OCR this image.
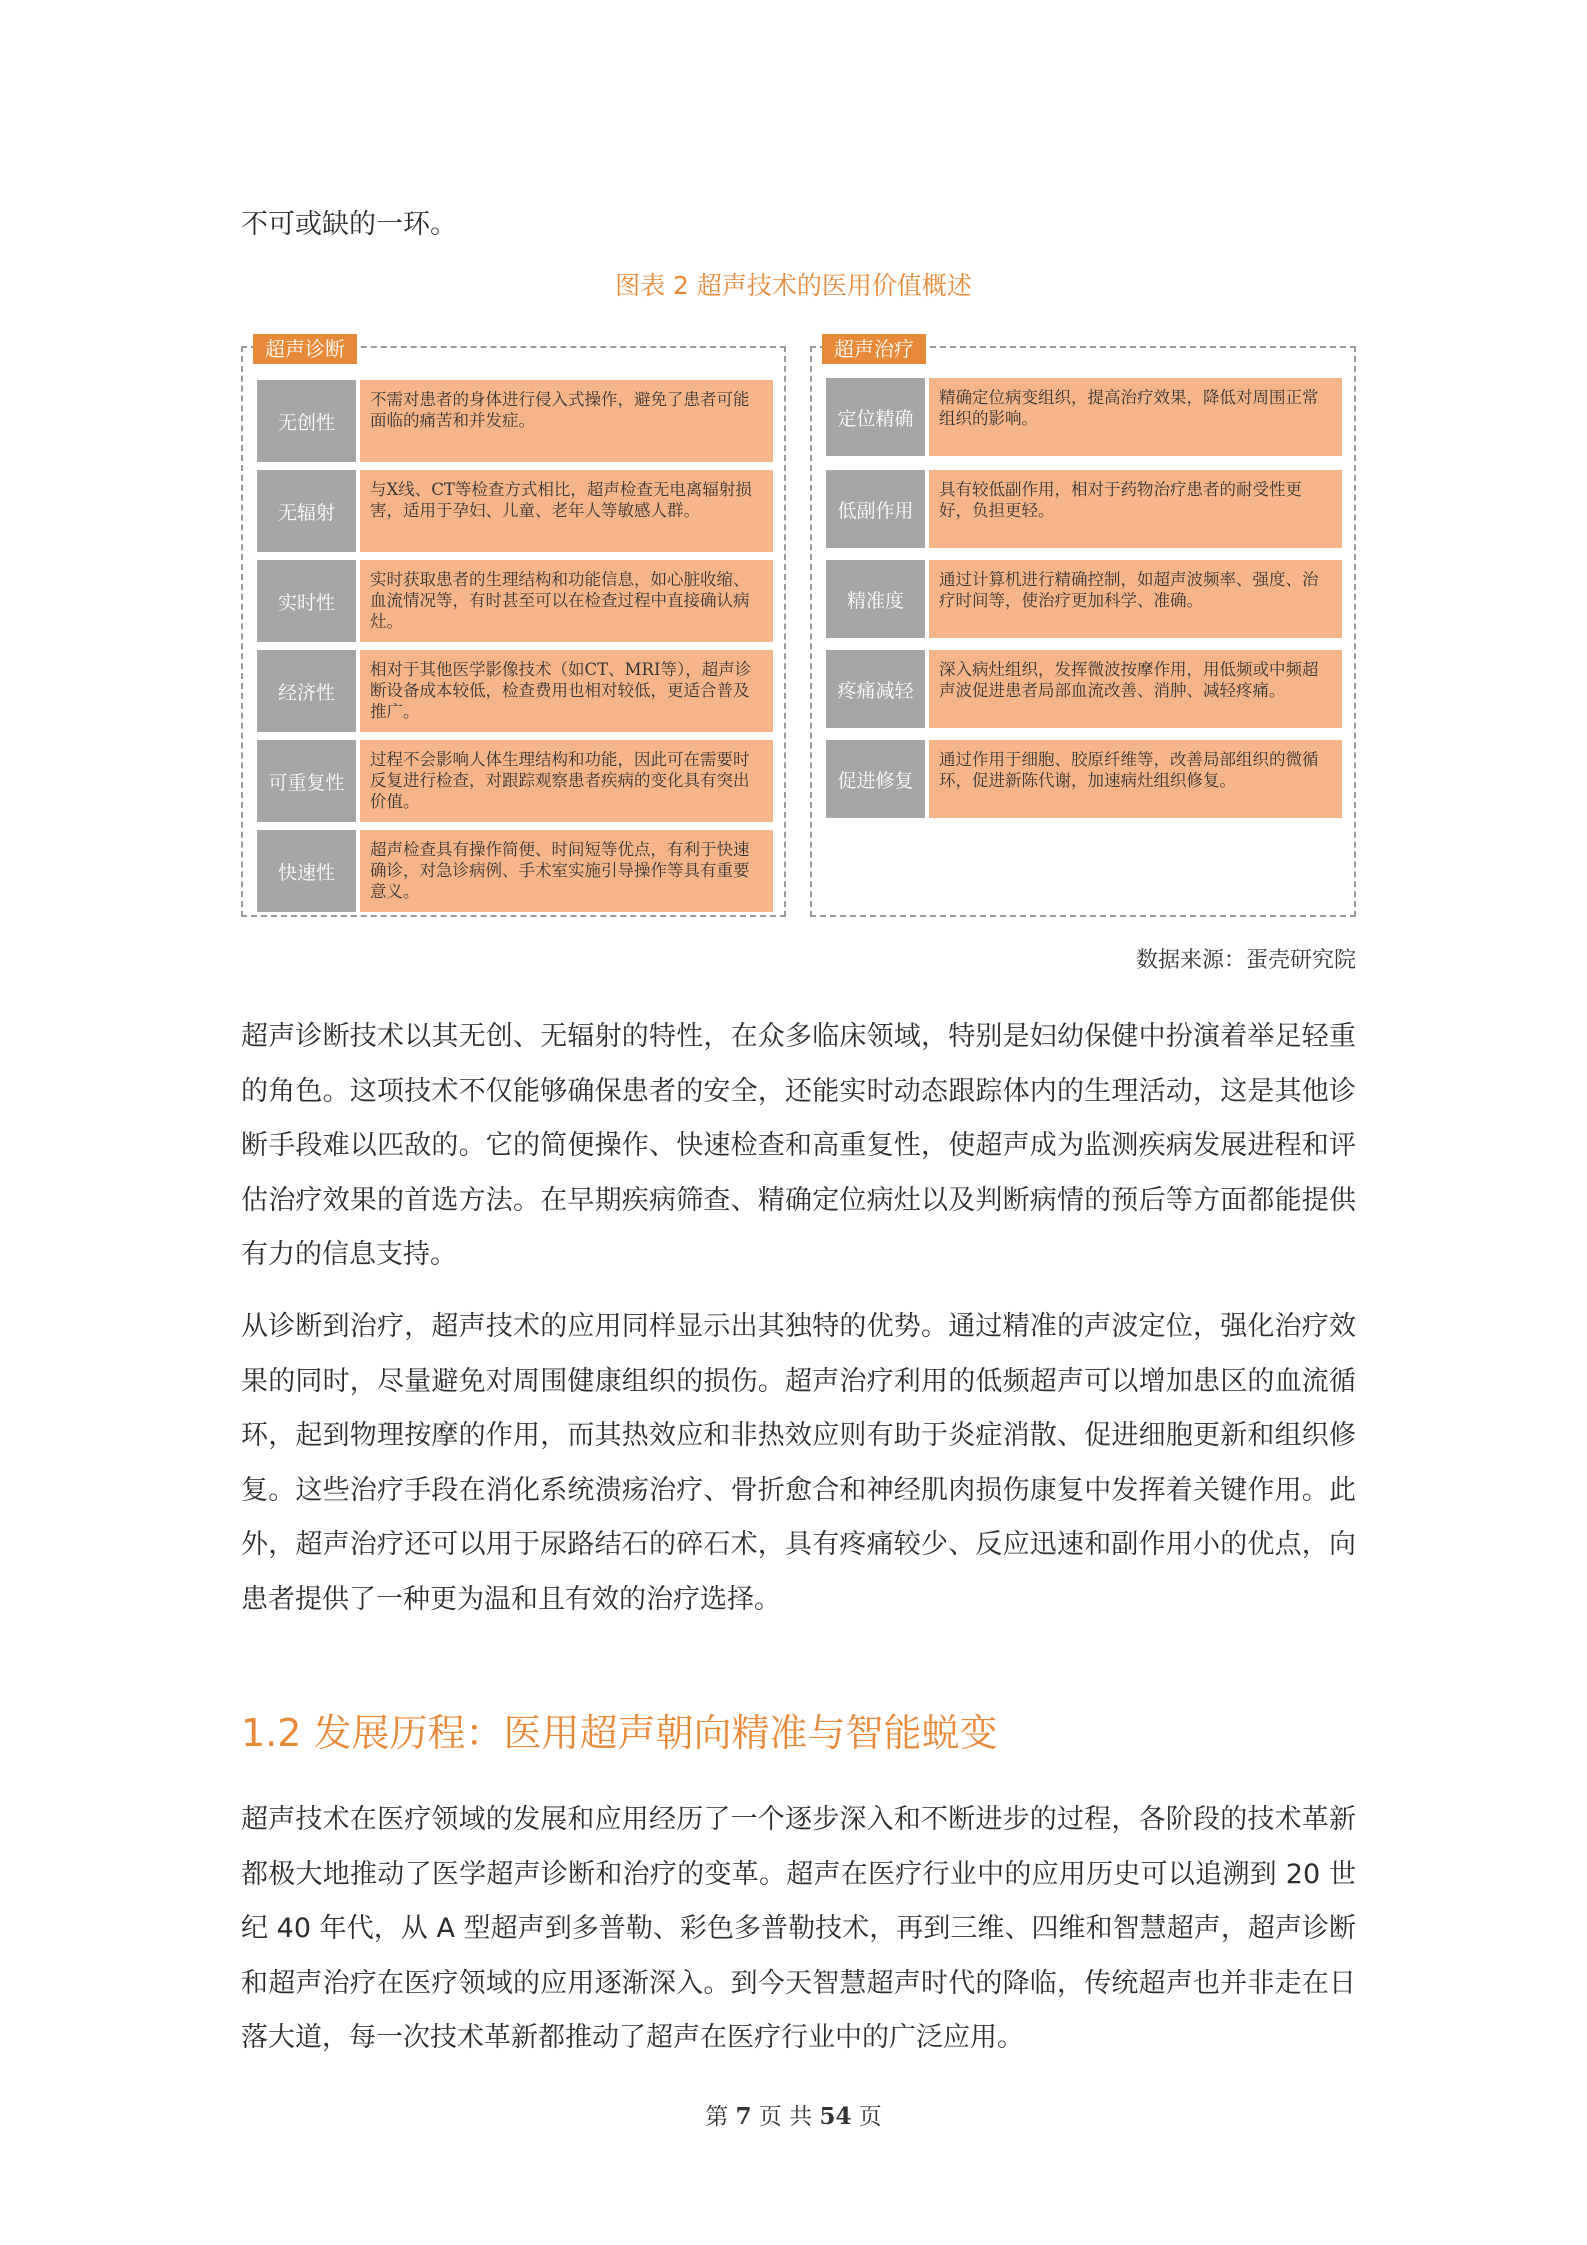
不可或缺的一环。

图表 2 超声技术的医用价值概述

超声诊断
无创性
不需对患者的身体进行侵入式操作，避免了患者可能面临的痛苦和并发症。
无辐射
与X线、CT等检查方式相比，超声检查无电离辐射损害，适用于孕妇、儿童、老年人等敏感人群。
实时性
实时获取患者的生理结构和功能信息，如心脏收缩、血流情况等，有时甚至可以在检查过程中直接确认病灶。
经济性
相对于其他医学影像技术（如CT、MRI等），超声诊断设备成本较低，检查费用也相对较低，更适合普及推广。
可重复性
过程不会影响人体生理结构和功能，因此可在需要时反复进行检查，对跟踪观察患者疾病的变化具有突出价值。
快速性
超声检查具有操作简便、时间短等优点，有利于快速确诊，对急诊病例、手术室实施引导操作等具有重要意义。
超声治疗
定位精确
精确定位病变组织，提高治疗效果，降低对周围正常组织的影响。
低副作用
具有较低副作用，相对于药物治疗患者的耐受性更好，负担更轻。
精准度
通过计算机进行精确控制，如超声波频率、强度、治疗时间等，使治疗更加科学、准确。
疼痛减轻
深入病灶组织，发挥微波按摩作用，用低频或中频超声波促进患者局部血流改善、消肿、减轻疼痛。
促进修复
通过作用于细胞、胶原纤维等，改善局部组织的微循环，促进新陈代谢，加速病灶组织修复。

数据来源：蛋壳研究院

超声诊断技术以其无创、无辐射的特性，在众多临床领域，特别是妇幼保健中扮演着举足轻重的角色。这项技术不仅能够确保患者的安全，还能实时动态跟踪体内的生理活动，这是其他诊断手段难以匹敌的。它的简便操作、快速检查和高重复性，使超声成为监测疾病发展进程和评估治疗效果的首选方法。在早期疾病筛查、精确定位病灶以及判断病情的预后等方面都能提供有力的信息支持。

从诊断到治疗，超声技术的应用同样显示出其独特的优势。通过精准的声波定位，强化治疗效果的同时，尽量避免对周围健康组织的损伤。超声治疗利用的低频超声可以增加患区的血流循环，起到物理按摩的作用，而其热效应和非热效应则有助于炎症消散、促进细胞更新和组织修复。这些治疗手段在消化系统溃疡治疗、骨折愈合和神经肌肉损伤康复中发挥着关键作用。此外，超声治疗还可以用于尿路结石的碎石术，具有疼痛较少、反应迅速和副作用小的优点，向患者提供了一种更为温和且有效的治疗选择。

1.2 发展历程：医用超声朝向精准与智能蜕变

超声技术在医疗领域的发展和应用经历了一个逐步深入和不断进步的过程，各阶段的技术革新都极大地推动了医学超声诊断和治疗的变革。超声在医疗行业中的应用历史可以追溯到 20 世纪 40 年代，从 A 型超声到多普勒、彩色多普勒技术，再到三维、四维和智慧超声，超声诊断和超声治疗在医疗领域的应用逐渐深入。到今天智慧超声时代的降临，传统超声也并非走在日落大道，每一次技术革新都推动了超声在医疗行业中的广泛应用。

第 7 页 共 54 页
